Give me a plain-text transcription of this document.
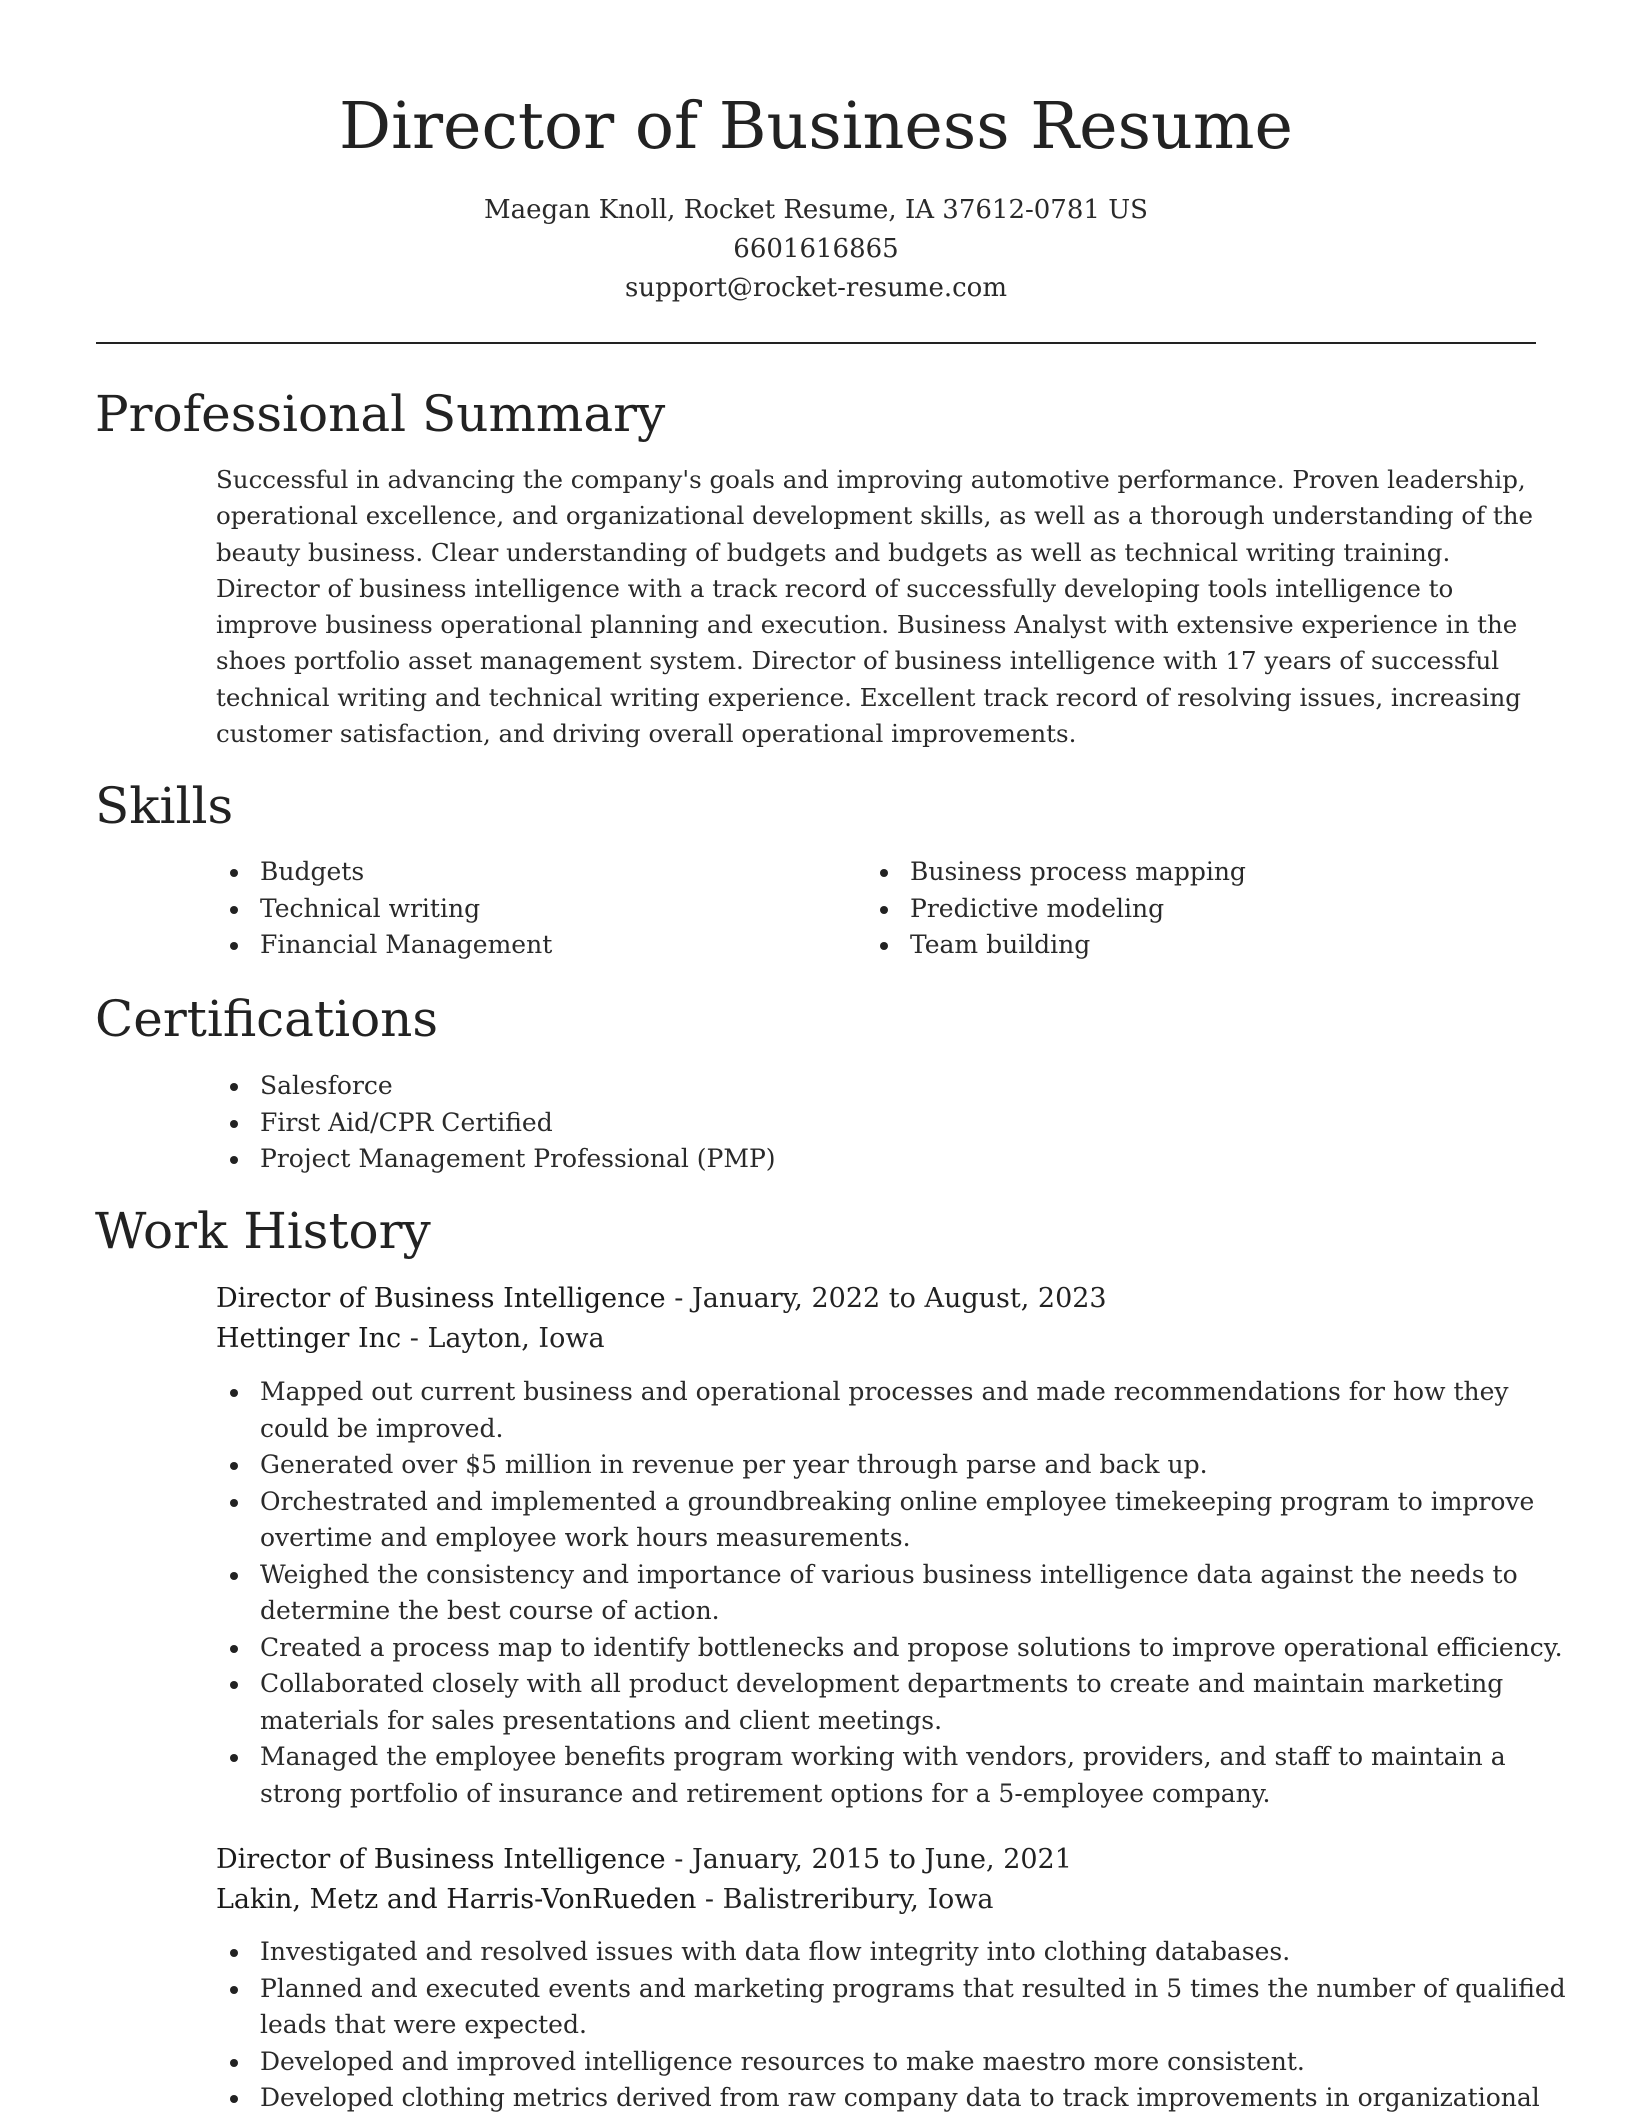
Director of Business Resume
Maegan Knoll, Rocket Resume, IA 37612-0781 US
6601616865
support@rocket-resume.com
Professional Summary

Successful in advancing the company's goals and improving automotive performance. Proven leadership, operational excellence, and organizational development skills, as well as a thorough understanding of the beauty business. Clear understanding of budgets and budgets as well as technical writing training. Director of business intelligence with a track record of successfully developing tools intelligence to improve business operational planning and execution. Business Analyst with extensive experience in the shoes portfolio asset management system. Director of business intelligence with 17 years of successful technical writing and technical writing experience. Excellent track record of resolving issues, increasing customer satisfaction, and driving overall operational improvements.

Skills
Budgets
Technical writing
Financial Management
Business process mapping
Predictive modeling
Team building
Certifications
Salesforce
First Aid/CPR Certified
Project Management Professional (PMP)
Work History
Director of Business Intelligence - January, 2022 to August, 2023
Hettinger Inc - Layton, Iowa
Mapped out current business and operational processes and made recommendations for how they could be improved.
Generated over $5 million in revenue per year through parse and back up.
Orchestrated and implemented a groundbreaking online employee timekeeping program to improve overtime and employee work hours measurements.
Weighed the consistency and importance of various business intelligence data against the needs to determine the best course of action.
Created a process map to identify bottlenecks and propose solutions to improve operational efficiency.
Collaborated closely with all product development departments to create and maintain marketing materials for sales presentations and client meetings.
Managed the employee benefits program working with vendors, providers, and staff to maintain a strong portfolio of insurance and retirement options for a 5-employee company.
Director of Business Intelligence - January, 2015 to June, 2021
Lakin, Metz and Harris-VonRueden - Balistreribury, Iowa
Investigated and resolved issues with data flow integrity into clothing databases.
Planned and executed events and marketing programs that resulted in 5 times the number of qualified leads that were expected.
Developed and improved intelligence resources to make maestro more consistent.
Developed clothing metrics derived from raw company data to track improvements in organizational
